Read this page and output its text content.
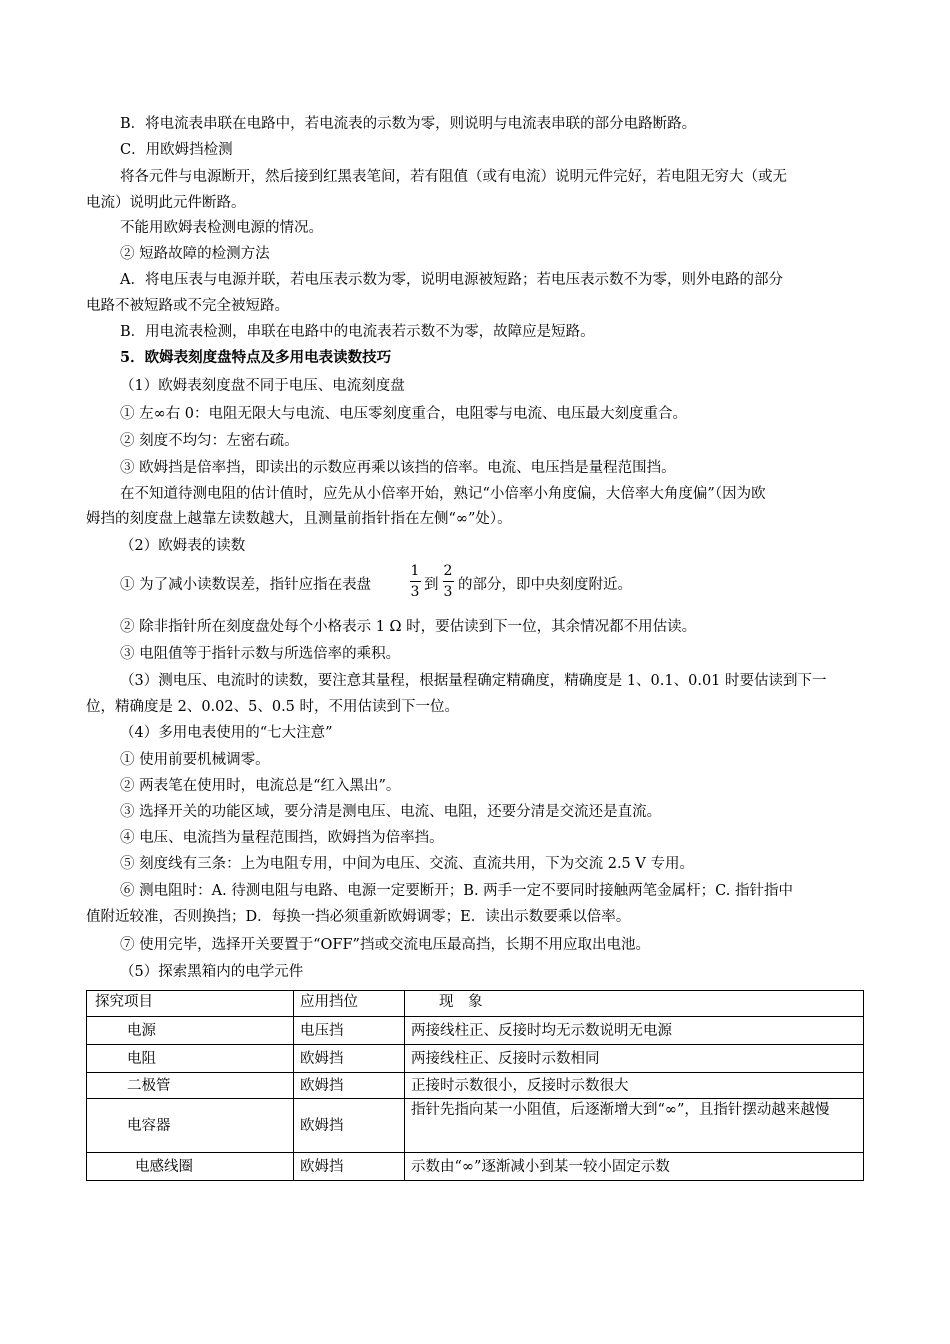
B．将电流表串联在电路中，若电流表的示数为零，则说明与电流表串联的部分电路断路。
C．用欧姆挡检测
将各元件与电源断开，然后接到红黑表笔间，若有阻值（或有电流）说明元件完好，若电阻无穷大（或无
电流）说明此元件断路。
不能用欧姆表检测电源的情况。
② 短路故障的检测方法
A．将电压表与电源并联，若电压表示数为零，说明电源被短路；若电压表示数不为零，则外电路的部分
电路不被短路或不完全被短路。
B．用电流表检测，串联在电路中的电流表若示数不为零，故障应是短路。
5．欧姆表刻度盘特点及多用电表读数技巧
（1）欧姆表刻度盘不同于电压、电流刻度盘
① 左∞右 0：电阻无限大与电流、电压零刻度重合，电阻零与电流、电压最大刻度重合。
② 刻度不均匀：左密右疏。
③ 欧姆挡是倍率挡，即读出的示数应再乘以该挡的倍率。电流、电压挡是量程范围挡。
在不知道待测电阻的估计值时，应先从小倍率开始，熟记“小倍率小角度偏，大倍率大角度偏”（因为欧
姆挡的刻度盘上越靠左读数越大，且测量前指针指在左侧“∞”处）。
（2）欧姆表的读数
① 为了减小读数误差，指针应指在表盘
1
3 到
2
3 的部分，即中央刻度附近。
② 除非指针所在刻度盘处每个小格表示 1 Ω 时，要估读到下一位，其余情况都不用估读。
③ 电阻值等于指针示数与所选倍率的乘积。
（3）测电压、电流时的读数，要注意其量程，根据量程确定精确度，精确度是 1、0.1、0.01 时要估读到下一
位，精确度是 2、0.02、5、0.5 时，不用估读到下一位。
（4）多用电表使用的“七大注意”
① 使用前要机械调零。
② 两表笔在使用时，电流总是“红入黑出”。
③ 选择开关的功能区域，要分清是测电压、电流、电阻，还要分清是交流还是直流。
④ 电压、电流挡为量程范围挡，欧姆挡为倍率挡。
⑤ 刻度线有三条：上为电阻专用，中间为电压、交流、直流共用，下为交流 2.5 V 专用。
⑥ 测电阻时：A. 待测电阻与电路、电源一定要断开；B. 两手一定不要同时接触两笔金属杆；C. 指针指中
值附近较准，否则换挡；D．每换一挡必须重新欧姆调零；E．读出示数要乘以倍率。
⑦ 使用完毕，选择开关要置于“OFF”挡或交流电压最高挡，长期不用应取出电池。
（5）探索黑箱内的电学元件
探究项目	应用挡位	现　象
电源	电压挡	两接线柱正、反接时均无示数说明无电源
电阻	欧姆挡	两接线柱正、反接时示数相同
二极管	欧姆挡	正接时示数很小，反接时示数很大
电容器	欧姆挡	指针先指向某一小阻值，后逐渐增大到“∞”，且指针摆动越来越慢
电感线圈	欧姆挡	示数由“∞”逐渐减小到某一较小固定示数
